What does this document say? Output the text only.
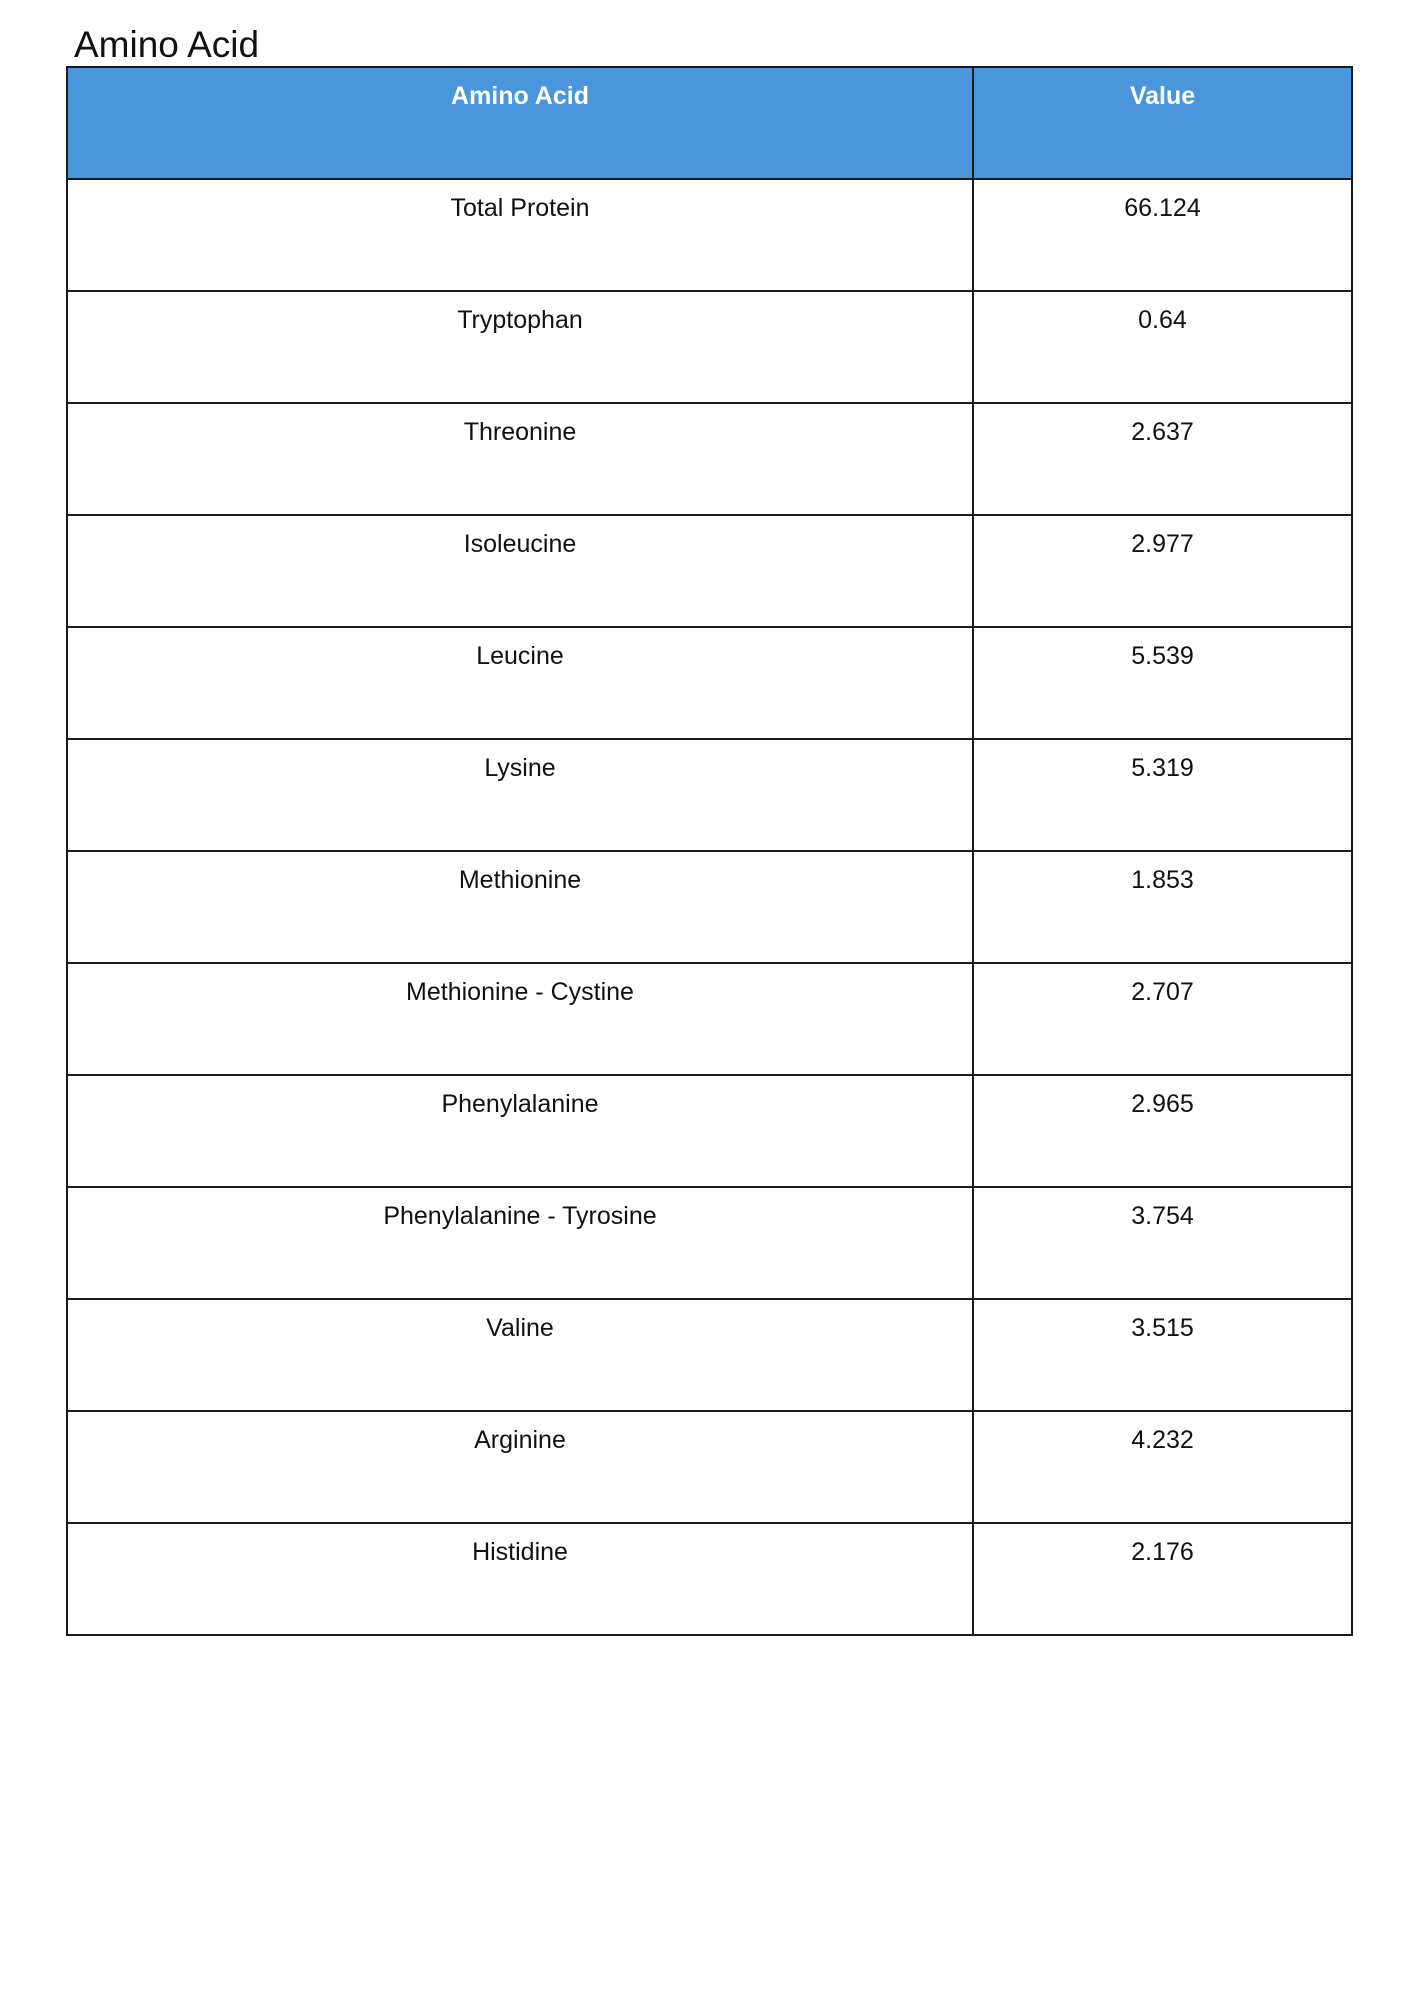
Amino Acid
Amino Acid	Value
Total Protein	66.124
Tryptophan	0.64
Threonine	2.637
Isoleucine	2.977
Leucine	5.539
Lysine	5.319
Methionine	1.853
Methionine - Cystine	2.707
Phenylalanine	2.965
Phenylalanine - Tyrosine	3.754
Valine	3.515
Arginine	4.232
Histidine	2.176
